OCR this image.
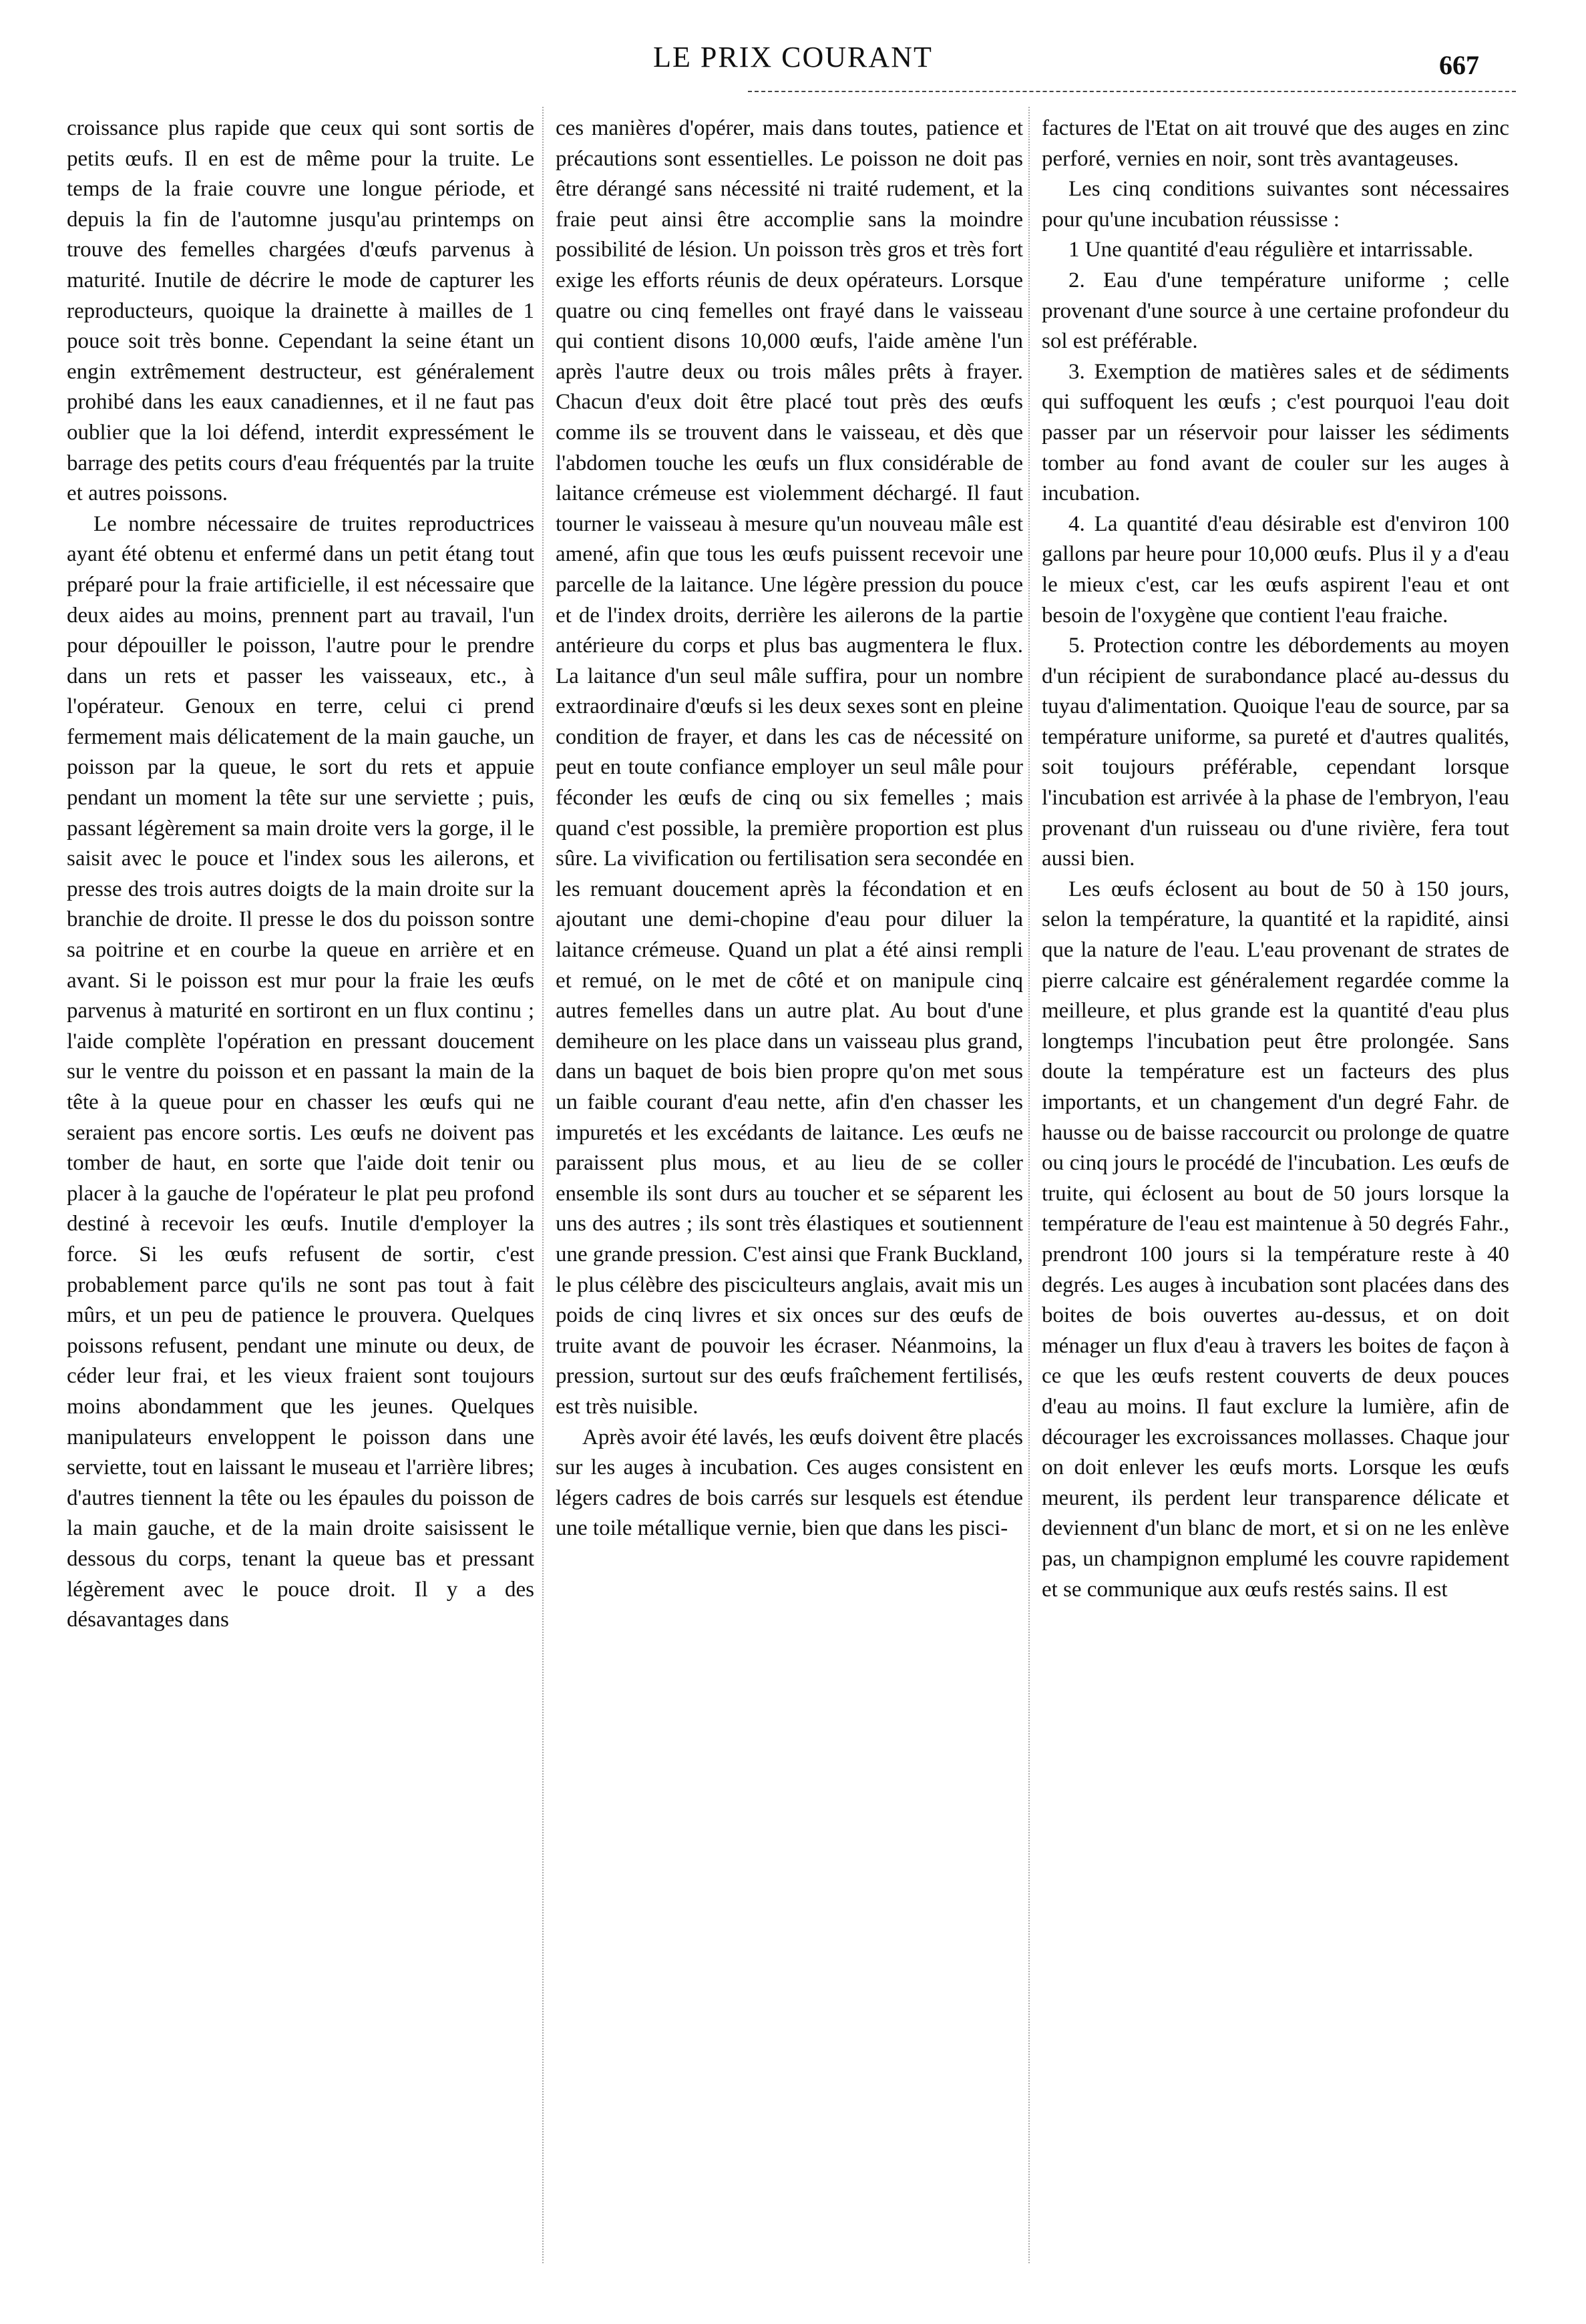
LE PRIX COURANT	667

croissance plus rapide que ceux qui sont sortis de petits œufs. Il en est de même pour la truite. Le temps de la fraie couvre une longue période, et depuis la fin de l'automne jusqu'au printemps on trouve des femelles chargées d'œufs parvenus à maturité. Inutile de décrire le mode de capturer les reproducteurs, quoique la drainette à mailles de 1 pouce soit très bonne. Cependant la seine étant un engin extrêmement destructeur, est généralement prohibé dans les eaux canadiennes, et il ne faut pas oublier que la loi défend, interdit expressément le barrage des petits cours d'eau fréquentés par la truite et autres poissons.

Le nombre nécessaire de truites reproductrices ayant été obtenu et enfermé dans un petit étang tout préparé pour la fraie artificielle, il est nécessaire que deux aides au moins, prennent part au travail, l'un pour dépouiller le poisson, l'autre pour le prendre dans un rets et passer les vaisseaux, etc., à l'opérateur. Genoux en terre, celui ci prend fermement mais délicatement de la main gauche, un poisson par la queue, le sort du rets et appuie pendant un moment la tête sur une serviette ; puis, passant légèrement sa main droite vers la gorge, il le saisit avec le pouce et l'index sous les ailerons, et presse des trois autres doigts de la main droite sur la branchie de droite. Il presse le dos du poisson sontre sa poitrine et en courbe la queue en arrière et en avant. Si le poisson est mur pour la fraie les œufs parvenus à maturité en sortiront en un flux continu ; l'aide complète l'opération en pressant doucement sur le ventre du poisson et en passant la main de la tête à la queue pour en chasser les œufs qui ne seraient pas encore sortis. Les œufs ne doivent pas tomber de haut, en sorte que l'aide doit tenir ou placer à la gauche de l'opérateur le plat peu profond destiné à recevoir les œufs. Inutile d'employer la force. Si les œufs refusent de sortir, c'est probablement parce qu'ils ne sont pas tout à fait mûrs, et un peu de patience le prouvera. Quelques poissons refusent, pendant une minute ou deux, de céder leur frai, et les vieux fraient sont toujours moins abondamment que les jeunes. Quelques manipulateurs enveloppent le poisson dans une serviette, tout en laissant le museau et l'arrière libres; d'autres tiennent la tête ou les épaules du poisson de la main gauche, et de la main droite saisissent le dessous du corps, tenant la queue bas et pressant légèrement avec le pouce droit. Il y a des désavantages dans

ces manières d'opérer, mais dans toutes, patience et précautions sont essentielles. Le poisson ne doit pas être dérangé sans nécessité ni traité rudement, et la fraie peut ainsi être accomplie sans la moindre possibilité de lésion. Un poisson très gros et très fort exige les efforts réunis de deux opérateurs. Lorsque quatre ou cinq femelles ont frayé dans le vaisseau qui contient disons 10,000 œufs, l'aide amène l'un après l'autre deux ou trois mâles prêts à frayer. Chacun d'eux doit être placé tout près des œufs comme ils se trouvent dans le vaisseau, et dès que l'abdomen touche les œufs un flux considérable de laitance crémeuse est violemment déchargé. Il faut tourner le vaisseau à mesure qu'un nouveau mâle est amené, afin que tous les œufs puissent recevoir une parcelle de la laitance. Une légère pression du pouce et de l'index droits, derrière les ailerons de la partie antérieure du corps et plus bas augmentera le flux. La laitance d'un seul mâle suffira, pour un nombre extraordinaire d'œufs si les deux sexes sont en pleine condition de frayer, et dans les cas de nécessité on peut en toute confiance employer un seul mâle pour féconder les œufs de cinq ou six femelles ; mais quand c'est possible, la première proportion est plus sûre. La vivification ou fertilisation sera secondée en les remuant doucement après la fécondation et en ajoutant une demi-chopine d'eau pour diluer la laitance crémeuse. Quand un plat a été ainsi rempli et remué, on le met de côté et on manipule cinq autres femelles dans un autre plat. Au bout d'une demiheure on les place dans un vaisseau plus grand, dans un baquet de bois bien propre qu'on met sous un faible courant d'eau nette, afin d'en chasser les impuretés et les excédants de laitance. Les œufs ne paraissent plus mous, et au lieu de se coller ensemble ils sont durs au toucher et se séparent les uns des autres ; ils sont très élastiques et soutiennent une grande pression. C'est ainsi que Frank Buckland, le plus célèbre des pisciculteurs anglais, avait mis un poids de cinq livres et six onces sur des œufs de truite avant de pouvoir les écraser. Néanmoins, la pression, surtout sur des œufs fraîchement fertilisés, est très nuisible.

Après avoir été lavés, les œufs doivent être placés sur les auges à incubation. Ces auges consistent en légers cadres de bois carrés sur lesquels est étendue une toile métallique vernie, bien que dans les pisci-

factures de l'Etat on ait trouvé que des auges en zinc perforé, vernies en noir, sont très avantageuses.

Les cinq conditions suivantes sont nécessaires pour qu'une incubation réussisse :

1 Une quantité d'eau régulière et intarrissable.

2. Eau d'une température uniforme ; celle provenant d'une source à une certaine profondeur du sol est préférable.

3. Exemption de matières sales et de sédiments qui suffoquent les œufs ; c'est pourquoi l'eau doit passer par un réservoir pour laisser les sédiments tomber au fond avant de couler sur les auges à incubation.

4. La quantité d'eau désirable est d'environ 100 gallons par heure pour 10,000 œufs. Plus il y a d'eau le mieux c'est, car les œufs aspirent l'eau et ont besoin de l'oxygène que contient l'eau fraiche.

5. Protection contre les débordements au moyen d'un récipient de surabondance placé au-dessus du tuyau d'alimentation. Quoique l'eau de source, par sa température uniforme, sa pureté et d'autres qualités, soit toujours préférable, cependant lorsque l'incubation est arrivée à la phase de l'embryon, l'eau provenant d'un ruisseau ou d'une rivière, fera tout aussi bien.

Les œufs éclosent au bout de 50 à 150 jours, selon la température, la quantité et la rapidité, ainsi que la nature de l'eau. L'eau provenant de strates de pierre calcaire est généralement regardée comme la meilleure, et plus grande est la quantité d'eau plus longtemps l'incubation peut être prolongée. Sans doute la température est un facteurs des plus importants, et un changement d'un degré Fahr. de hausse ou de baisse raccourcit ou prolonge de quatre ou cinq jours le procédé de l'incubation. Les œufs de truite, qui éclosent au bout de 50 jours lorsque la température de l'eau est maintenue à 50 degrés Fahr., prendront 100 jours si la température reste à 40 degrés. Les auges à incubation sont placées dans des boites de bois ouvertes au-dessus, et on doit ménager un flux d'eau à travers les boites de façon à ce que les œufs restent couverts de deux pouces d'eau au moins. Il faut exclure la lumière, afin de décourager les excroissances mollasses. Chaque jour on doit enlever les œufs morts. Lorsque les œufs meurent, ils perdent leur transparence délicate et deviennent d'un blanc de mort, et si on ne les enlève pas, un champignon emplumé les couvre rapidement et se communique aux œufs restés sains. Il est
